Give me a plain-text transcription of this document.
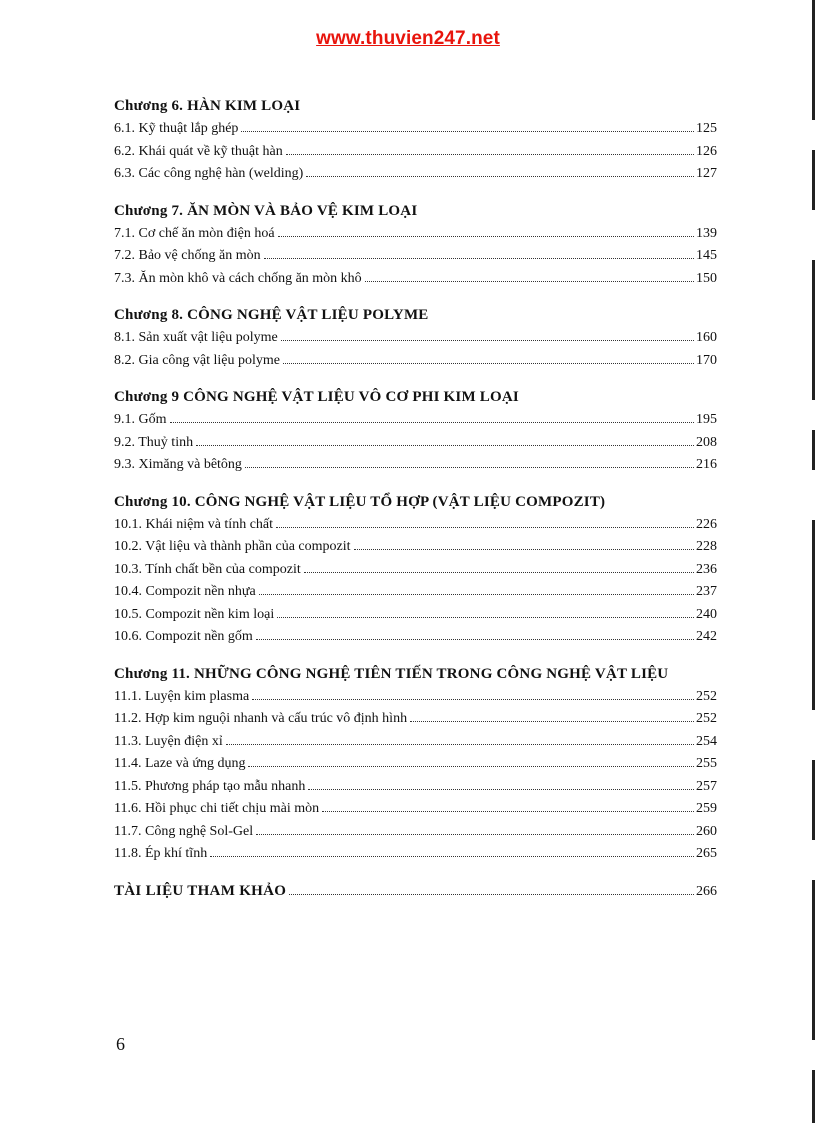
www.thuvien247.net
Chương 6. HÀN KIM LOẠI
6.1. Kỹ thuật lắp ghép	125
6.2. Khái quát về kỹ thuật hàn	126
6.3. Các công nghệ hàn (welding)	127
Chương 7. ĂN MÒN VÀ BẢO VỆ KIM LOẠI
7.1. Cơ chế ăn mòn điện hoá	139
7.2. Bảo vệ chống ăn mòn	145
7.3. Ăn mòn khô và cách chống ăn mòn khô	150
Chương 8. CÔNG NGHỆ VẬT LIỆU POLYME
8.1. Sản xuất vật liệu polyme	160
8.2. Gia công vật liệu polyme	170
Chương 9 CÔNG NGHỆ VẬT LIỆU VÔ CƠ PHI KIM LOẠI
9.1. Gốm	195
9.2. Thuỷ tinh	208
9.3. Ximăng và bêtông	216
Chương 10. CÔNG NGHỆ VẬT LIỆU TỔ HỢP (VẬT LIỆU COMPOZIT)
10.1. Khái niệm và tính chất	226
10.2. Vật liệu và thành phần của compozit	228
10.3. Tính chất bền của compozit	236
10.4. Compozit nền nhựa	237
10.5. Compozit nền kim loại	240
10.6. Compozit nền gốm	242
Chương 11. NHỮNG CÔNG NGHỆ TIÊN TIẾN TRONG CÔNG NGHỆ VẬT LIỆU
11.1. Luyện kim plasma	252
11.2. Hợp kim nguội nhanh và cấu trúc vô định hình	252
11.3. Luyện điện xỉ	254
11.4. Laze và ứng dụng	255
11.5. Phương pháp tạo mẫu nhanh	257
11.6. Hồi phục chi tiết chịu mài mòn	259
11.7. Công nghệ Sol-Gel	260
11.8. Ép khí tĩnh	265
TÀI LIỆU THAM KHẢO	266
6
